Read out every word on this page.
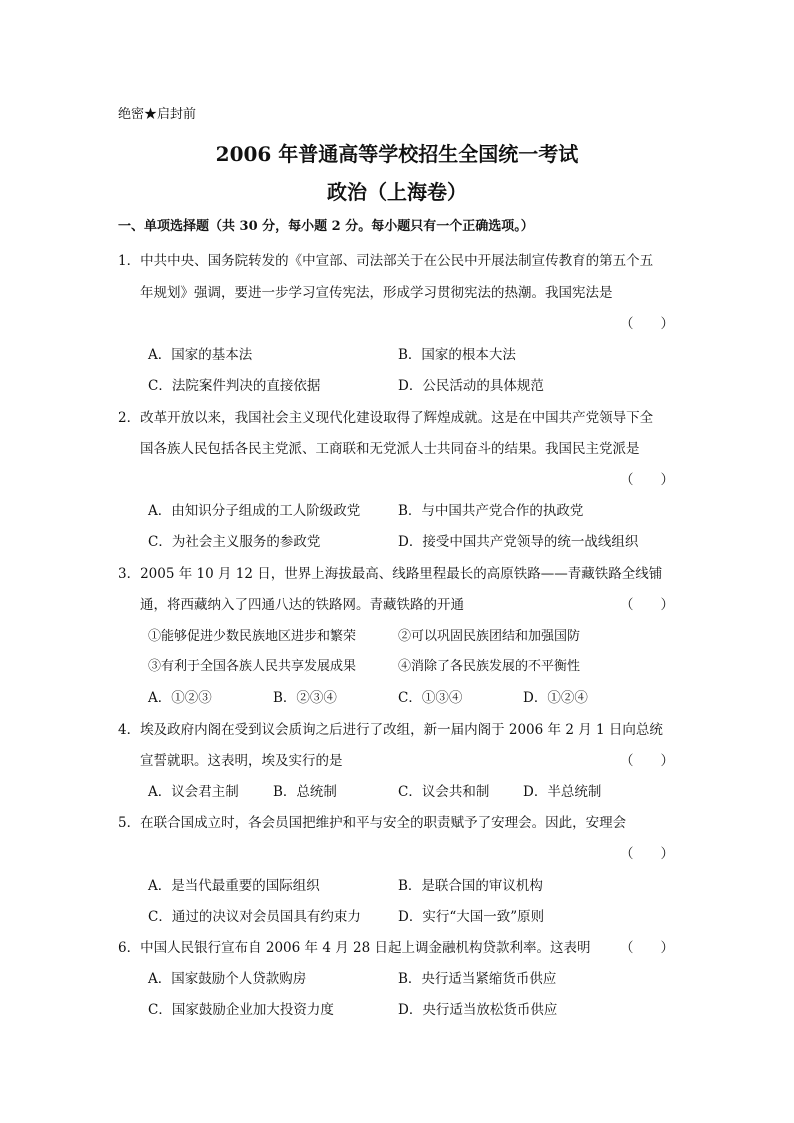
绝密★启封前
2006 年普通高等学校招生全国统一考试
政治（上海卷）
一、单项选择题（共 30 分，每小题 2 分。每小题只有一个正确选项。）
1．中共中央、国务院转发的《中宣部、司法部关于在公民中开展法制宣传教育的第五个五
年规划》强调，要进一步学习宣传宪法，形成学习贯彻宪法的热潮。我国宪法是
（　　）
A．国家的基本法	B．国家的根本大法
C．法院案件判决的直接依据	D．公民活动的具体规范
2．改革开放以来，我国社会主义现代化建设取得了辉煌成就。这是在中国共产党领导下全
国各族人民包括各民主党派、工商联和无党派人士共同奋斗的结果。我国民主党派是
（　　）
A．由知识分子组成的工人阶级政党	B．与中国共产党合作的执政党
C．为社会主义服务的参政党	D．接受中国共产党领导的统一战线组织
3．2005 年 10 月 12 日，世界上海拔最高、线路里程最长的高原铁路——青藏铁路全线铺
通，将西藏纳入了四通八达的铁路网。青藏铁路的开通	（　　）
①能够促进少数民族地区进步和繁荣	②可以巩固民族团结和加强国防
③有利于全国各族人民共享发展成果	④消除了各民族发展的不平衡性
A．①②③	B．②③④	C．①③④	D．①②④
4．埃及政府内阁在受到议会质询之后进行了改组，新一届内阁于 2006 年 2 月 1 日向总统
宣誓就职。这表明，埃及实行的是	（　　）
A．议会君主制	B．总统制	C．议会共和制 D．半总统制
5．在联合国成立时，各会员国把维护和平与安全的职责赋予了安理会。因此，安理会
（　　）
A．是当代最重要的国际组织	B．是联合国的审议机构
C．通过的决议对会员国具有约束力	D．实行“大国一致”原则
6．中国人民银行宣布自 2006 年 4 月 28 日起上调金融机构贷款利率。这表明 （　　）
A．国家鼓励个人贷款购房	B．央行适当紧缩货币供应
C．国家鼓励企业加大投资力度	D．央行适当放松货币供应
